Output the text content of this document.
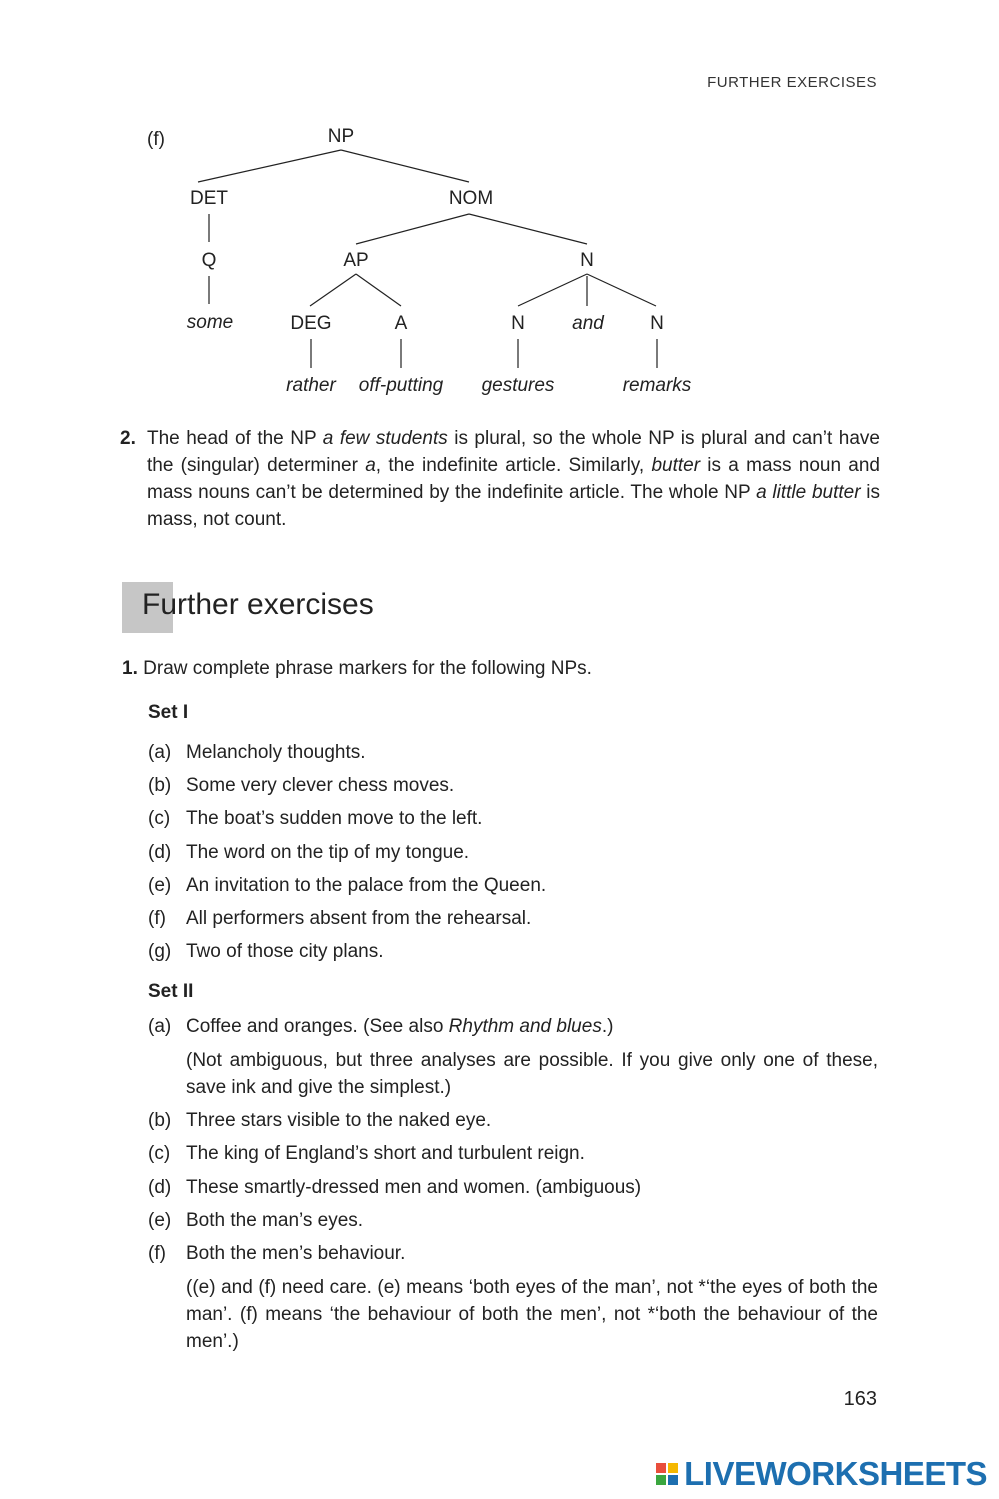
FURTHER EXERCISES
(f)	NP
DET	NOM
Q	AP	N
some	DEG	A	N and N
rather off-putting gestures	remarks
2. The head of the NP a few students is plural, so the whole NP is plural and can’t have the (singular) determiner a, the indefinite article. Similarly, butter is a mass noun and mass nouns can’t be determined by the indefinite article. The whole NP a little butter is mass, not count.
Further exercises
1. Draw complete phrase markers for the following NPs.
Set I
(a) Melancholy thoughts.
(b) Some very clever chess moves.
(c) The boat’s sudden move to the left.
(d) The word on the tip of my tongue.
(e) An invitation to the palace from the Queen.
(f) All performers absent from the rehearsal.
(g) Two of those city plans.
Set II
(a) Coffee and oranges. (See also Rhythm and blues.)
(Not ambiguous, but three analyses are possible. If you give only one of these, save ink and give the simplest.)
(b) Three stars visible to the naked eye.
(c) The king of England’s short and turbulent reign.
(d) These smartly-dressed men and women. (ambiguous)
(e) Both the man’s eyes.
(f) Both the men’s behaviour.
((e) and (f) need care. (e) means ‘both eyes of the man’, not *‘the eyes of both the man’. (f) means ‘the behaviour of both the men’, not *‘both the behaviour of the men’.)
163
LIVEWORKSHEETS
